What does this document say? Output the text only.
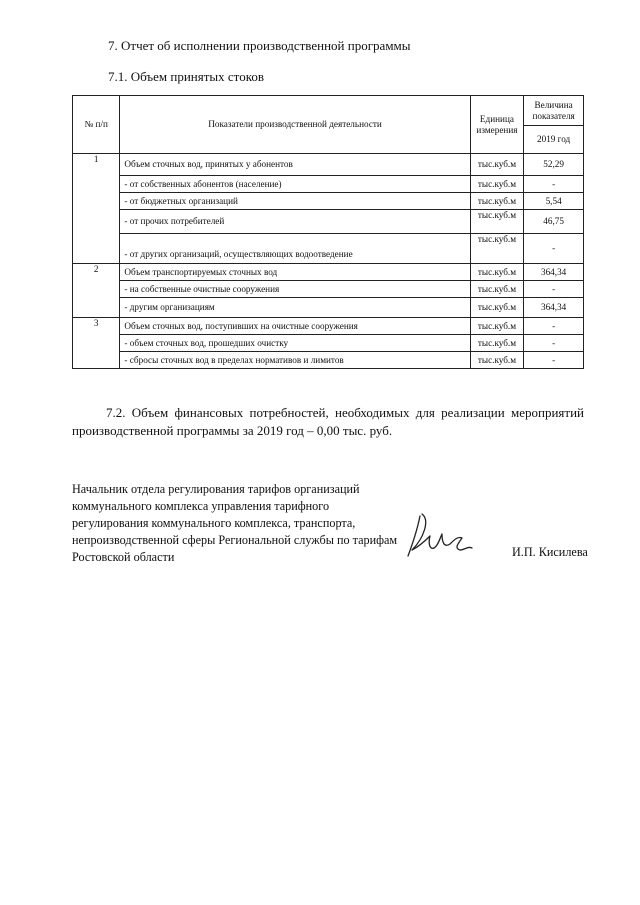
7. Отчет об исполнении производственной программы
7.1. Объем принятых стоков
№ п/п	Показатели производственной деятельности	Единица измерения	Величина показателя
			2019 год
1	Объем сточных вод, принятых у абонентов	тыс.куб.м	52,29
	- от собственных абонентов (население)	тыс.куб.м	-
	- от бюджетных организаций	тыс.куб.м	5,54
	- от прочих потребителей	тыс.куб.м	46,75
	- от других организаций, осуществляющих водоотведение	тыс.куб.м	-
2	Объем транспортируемых сточных вод	тыс.куб.м	364,34
	- на собственные очистные сооружения	тыс.куб.м	-
	- другим организациям	тыс.куб.м	364,34
3	Объем сточных вод, поступивших на очистные сооружения	тыс.куб.м	-
	- объем сточных вод, прошедших очистку	тыс.куб.м	-
	- сбросы сточных вод в пределах нормативов и лимитов	тыс.куб.м	-
7.2. Объем финансовых потребностей, необходимых для реализации мероприятий производственной программы за 2019 год – 0,00 тыс. руб.
Начальник отдела регулирования тарифов организаций коммунального комплекса управления тарифного регулирования коммунального комплекса, транспорта, непроизводственной сферы Региональной службы по тарифам Ростовской области	И.П. Кисилева
